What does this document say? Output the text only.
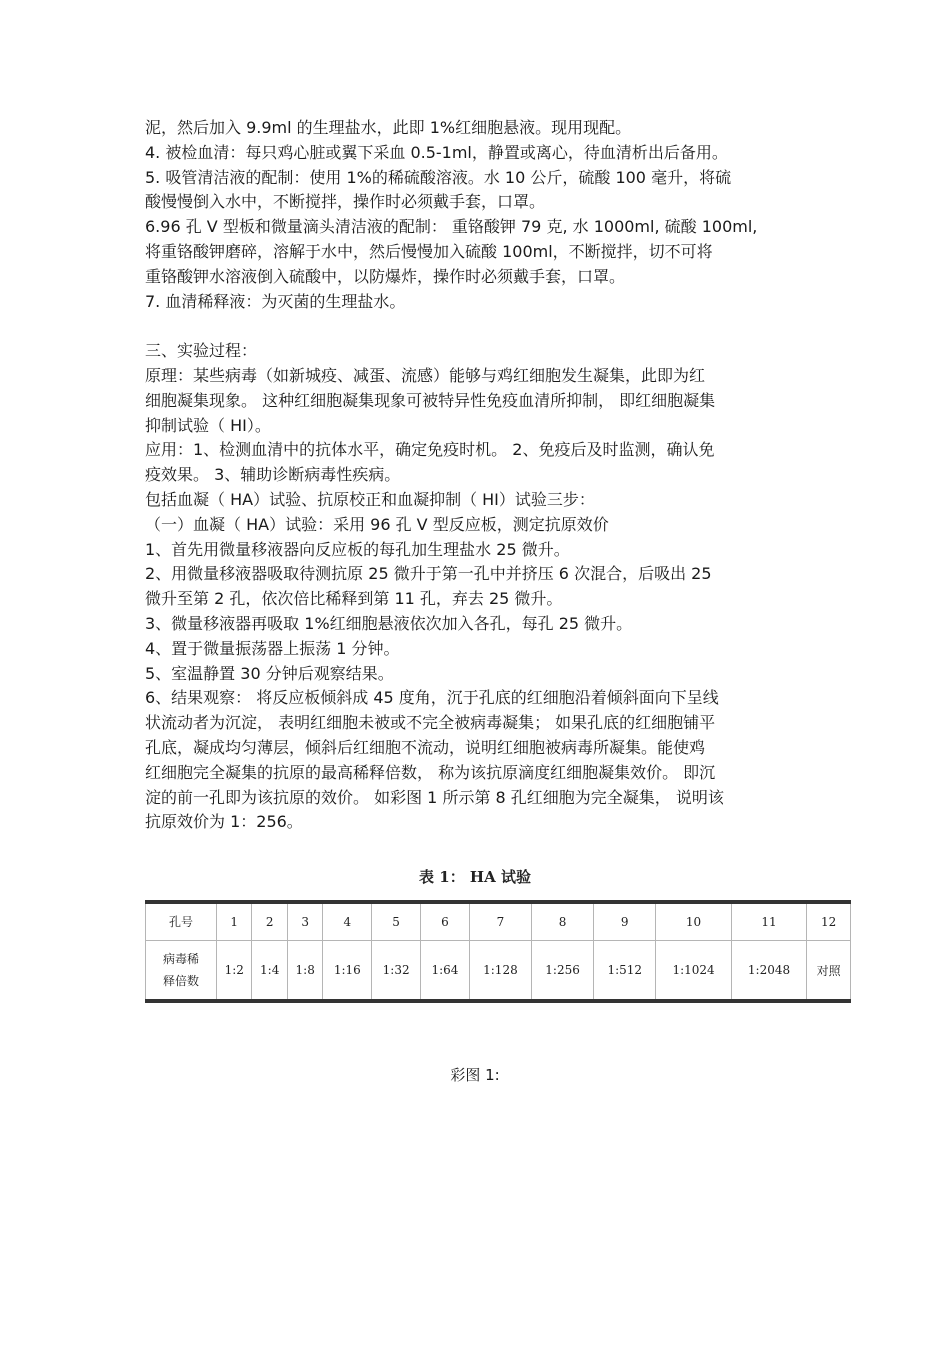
泥，然后加入 9.9ml 的生理盐水，此即 1%红细胞悬液。现用现配。
4. 被检血清：每只鸡心脏或翼下采血 0.5-1ml，静置或离心，待血清析出后备用。
5. 吸管清洁液的配制：使用 1%的稀硫酸溶液。水 10 公斤，硫酸 100 毫升，将硫
酸慢慢倒入水中，不断搅拌，操作时必须戴手套，口罩。
6.96 孔 V 型板和微量滴头清洁液的配制： 重铬酸钾 79 克, 水 1000ml, 硫酸 100ml,
将重铬酸钾磨碎，溶解于水中，然后慢慢加入硫酸 100ml，不断搅拌，切不可将
重铬酸钾水溶液倒入硫酸中，以防爆炸，操作时必须戴手套，口罩。
7. 血清稀释液：为灭菌的生理盐水。
三、实验过程：
原理：某些病毒（如新城疫、减蛋、流感）能够与鸡红细胞发生凝集，此即为红
细胞凝集现象。 这种红细胞凝集现象可被特异性免疫血清所抑制， 即红细胞凝集
抑制试验（ HI）。
应用：1、检测血清中的抗体水平，确定免疫时机。 2、免疫后及时监测，确认免
疫效果。 3、辅助诊断病毒性疾病。
包括血凝（ HA）试验、抗原校正和血凝抑制（ HI）试验三步：
（一）血凝（ HA）试验：采用 96 孔 V 型反应板，测定抗原效价
1、首先用微量移液器向反应板的每孔加生理盐水 25 微升。
2、用微量移液器吸取待测抗原 25 微升于第一孔中并挤压 6 次混合，后吸出 25
微升至第 2 孔，依次倍比稀释到第 11 孔，弃去 25 微升。
3、微量移液器再吸取 1%红细胞悬液依次加入各孔，每孔 25 微升。
4、置于微量振荡器上振荡 1 分钟。
5、室温静置 30 分钟后观察结果。
6、结果观察： 将反应板倾斜成 45 度角，沉于孔底的红细胞沿着倾斜面向下呈线
状流动者为沉淀， 表明红细胞未被或不完全被病毒凝集； 如果孔底的红细胞铺平
孔底，凝成均匀薄层，倾斜后红细胞不流动，说明红细胞被病毒所凝集。能使鸡
红细胞完全凝集的抗原的最高稀释倍数， 称为该抗原滴度红细胞凝集效价。 即沉
淀的前一孔即为该抗原的效价。 如彩图 1 所示第 8 孔红细胞为完全凝集， 说明该
抗原效价为 1：256。
表 1： HA 试验
孔号	1	2	3	4	5	6	7	8	9	10	11	12

病毒稀
释倍数	1:2	1:4	1:8	1:16	1:32	1:64	1:128	1:256	1:512	1:1024	1:2048	对照
彩图 1:
